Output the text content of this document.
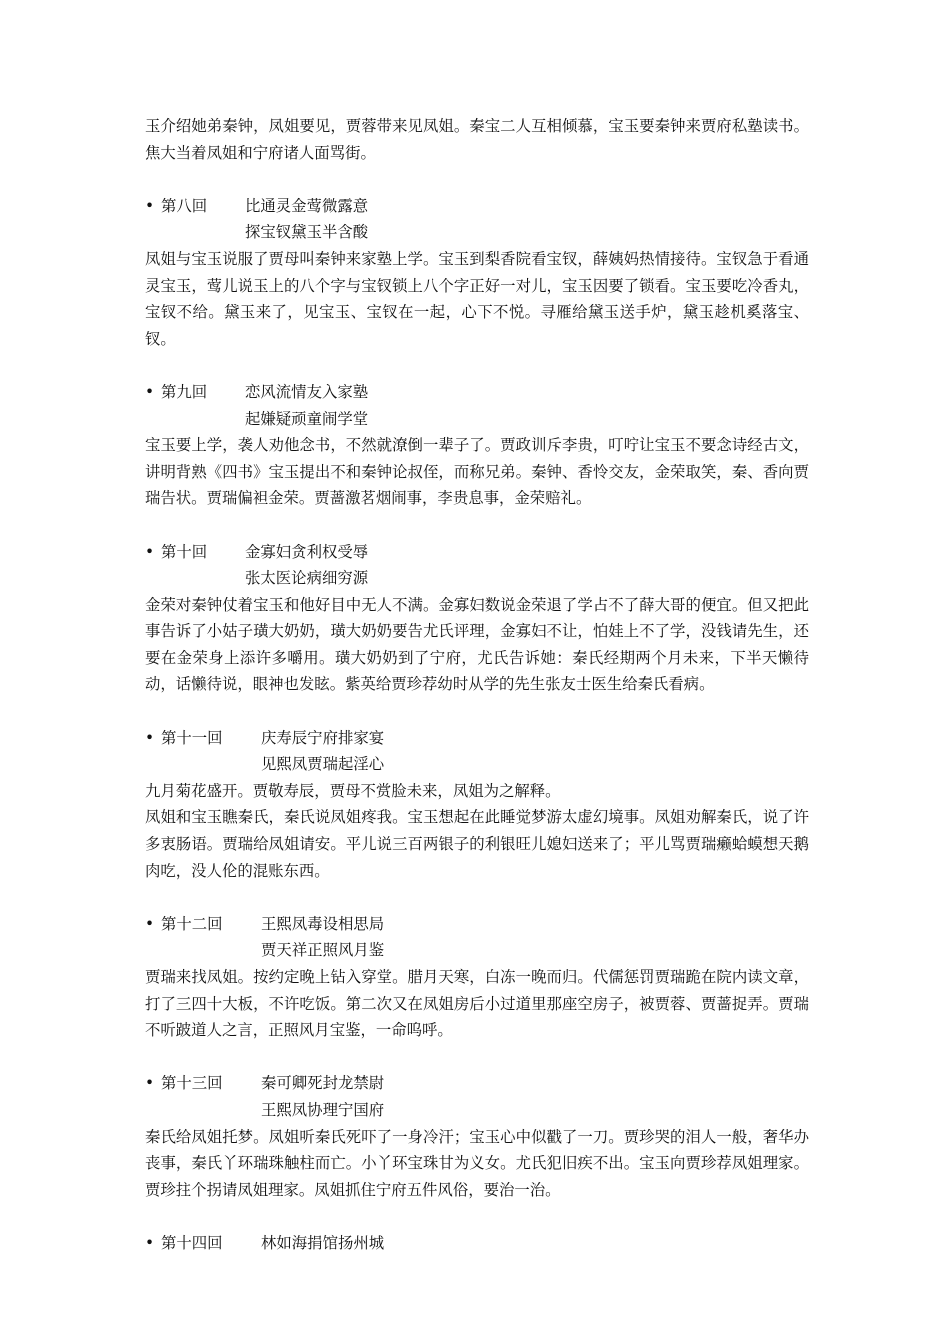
玉介绍她弟秦钟，凤姐要见，贾蓉带来见凤姐。秦宝二人互相倾慕，宝玉要秦钟来贾府私塾读书。焦大当着凤姐和宁府诸人面骂街。

• 第八回 比通灵金莺微露意

探宝钗黛玉半含酸

凤姐与宝玉说服了贾母叫秦钟来家塾上学。宝玉到梨香院看宝钗，薛姨妈热情接待。宝钗急于看通灵宝玉，莺儿说玉上的八个字与宝钗锁上八个字正好一对儿，宝玉因要了锁看。宝玉要吃冷香丸，宝钗不给。黛玉来了，见宝玉、宝钗在一起，心下不悦。寻雁给黛玉送手炉，黛玉趁机奚落宝、钗。

• 第九回 恋风流情友入家塾

起嫌疑顽童闹学堂

宝玉要上学，袭人劝他念书，不然就潦倒一辈子了。贾政训斥李贵，叮咛让宝玉不要念诗经古文，讲明背熟《四书》宝玉提出不和秦钟论叔侄，而称兄弟。秦钟、香怜交友，金荣取笑，秦、香向贾瑞告状。贾瑞偏袒金荣。贾蔷激茗烟闹事，李贵息事，金荣赔礼。

• 第十回 金寡妇贪利权受辱

张太医论病细穷源

金荣对秦钟仗着宝玉和他好目中无人不满。金寡妇数说金荣退了学占不了薛大哥的便宜。但又把此事告诉了小姑子璜大奶奶，璜大奶奶要告尤氏评理，金寡妇不让，怕娃上不了学，没钱请先生，还要在金荣身上添许多嚼用。璜大奶奶到了宁府，尤氏告诉她：秦氏经期两个月未来，下半天懒待动，话懒待说，眼神也发眩。紫英给贾珍荐幼时从学的先生张友士医生给秦氏看病。

• 第十一回 庆寿辰宁府排家宴

见熙凤贾瑞起淫心

九月菊花盛开。贾敬寿辰，贾母不赏脸未来，凤姐为之解释。

凤姐和宝玉瞧秦氏，秦氏说凤姐疼我。宝玉想起在此睡觉梦游太虚幻境事。凤姐劝解秦氏，说了许多衷肠语。贾瑞给凤姐请安。平儿说三百两银子的利银旺儿媳妇送来了；平儿骂贾瑞癞蛤蟆想天鹅肉吃，没人伦的混账东西。

• 第十二回 王熙凤毒设相思局

贾天祥正照风月鉴

贾瑞来找凤姐。按约定晚上钻入穿堂。腊月天寒，白冻一晚而归。代儒惩罚贾瑞跪在院内读文章，打了三四十大板，不许吃饭。第二次又在凤姐房后小过道里那座空房子，被贾蓉、贾蔷捉弄。贾瑞不听跛道人之言，正照风月宝鉴，一命呜呼。

• 第十三回 秦可卿死封龙禁尉

王熙凤协理宁国府

秦氏给凤姐托梦。凤姐听秦氏死吓了一身冷汗；宝玉心中似戳了一刀。贾珍哭的泪人一般，奢华办丧事，秦氏丫环瑞珠触柱而亡。小丫环宝珠甘为义女。尤氏犯旧疾不出。宝玉向贾珍荐凤姐理家。贾珍拄个拐请凤姐理家。凤姐抓住宁府五件风俗，要治一治。

• 第十四回 林如海捐馆扬州城
